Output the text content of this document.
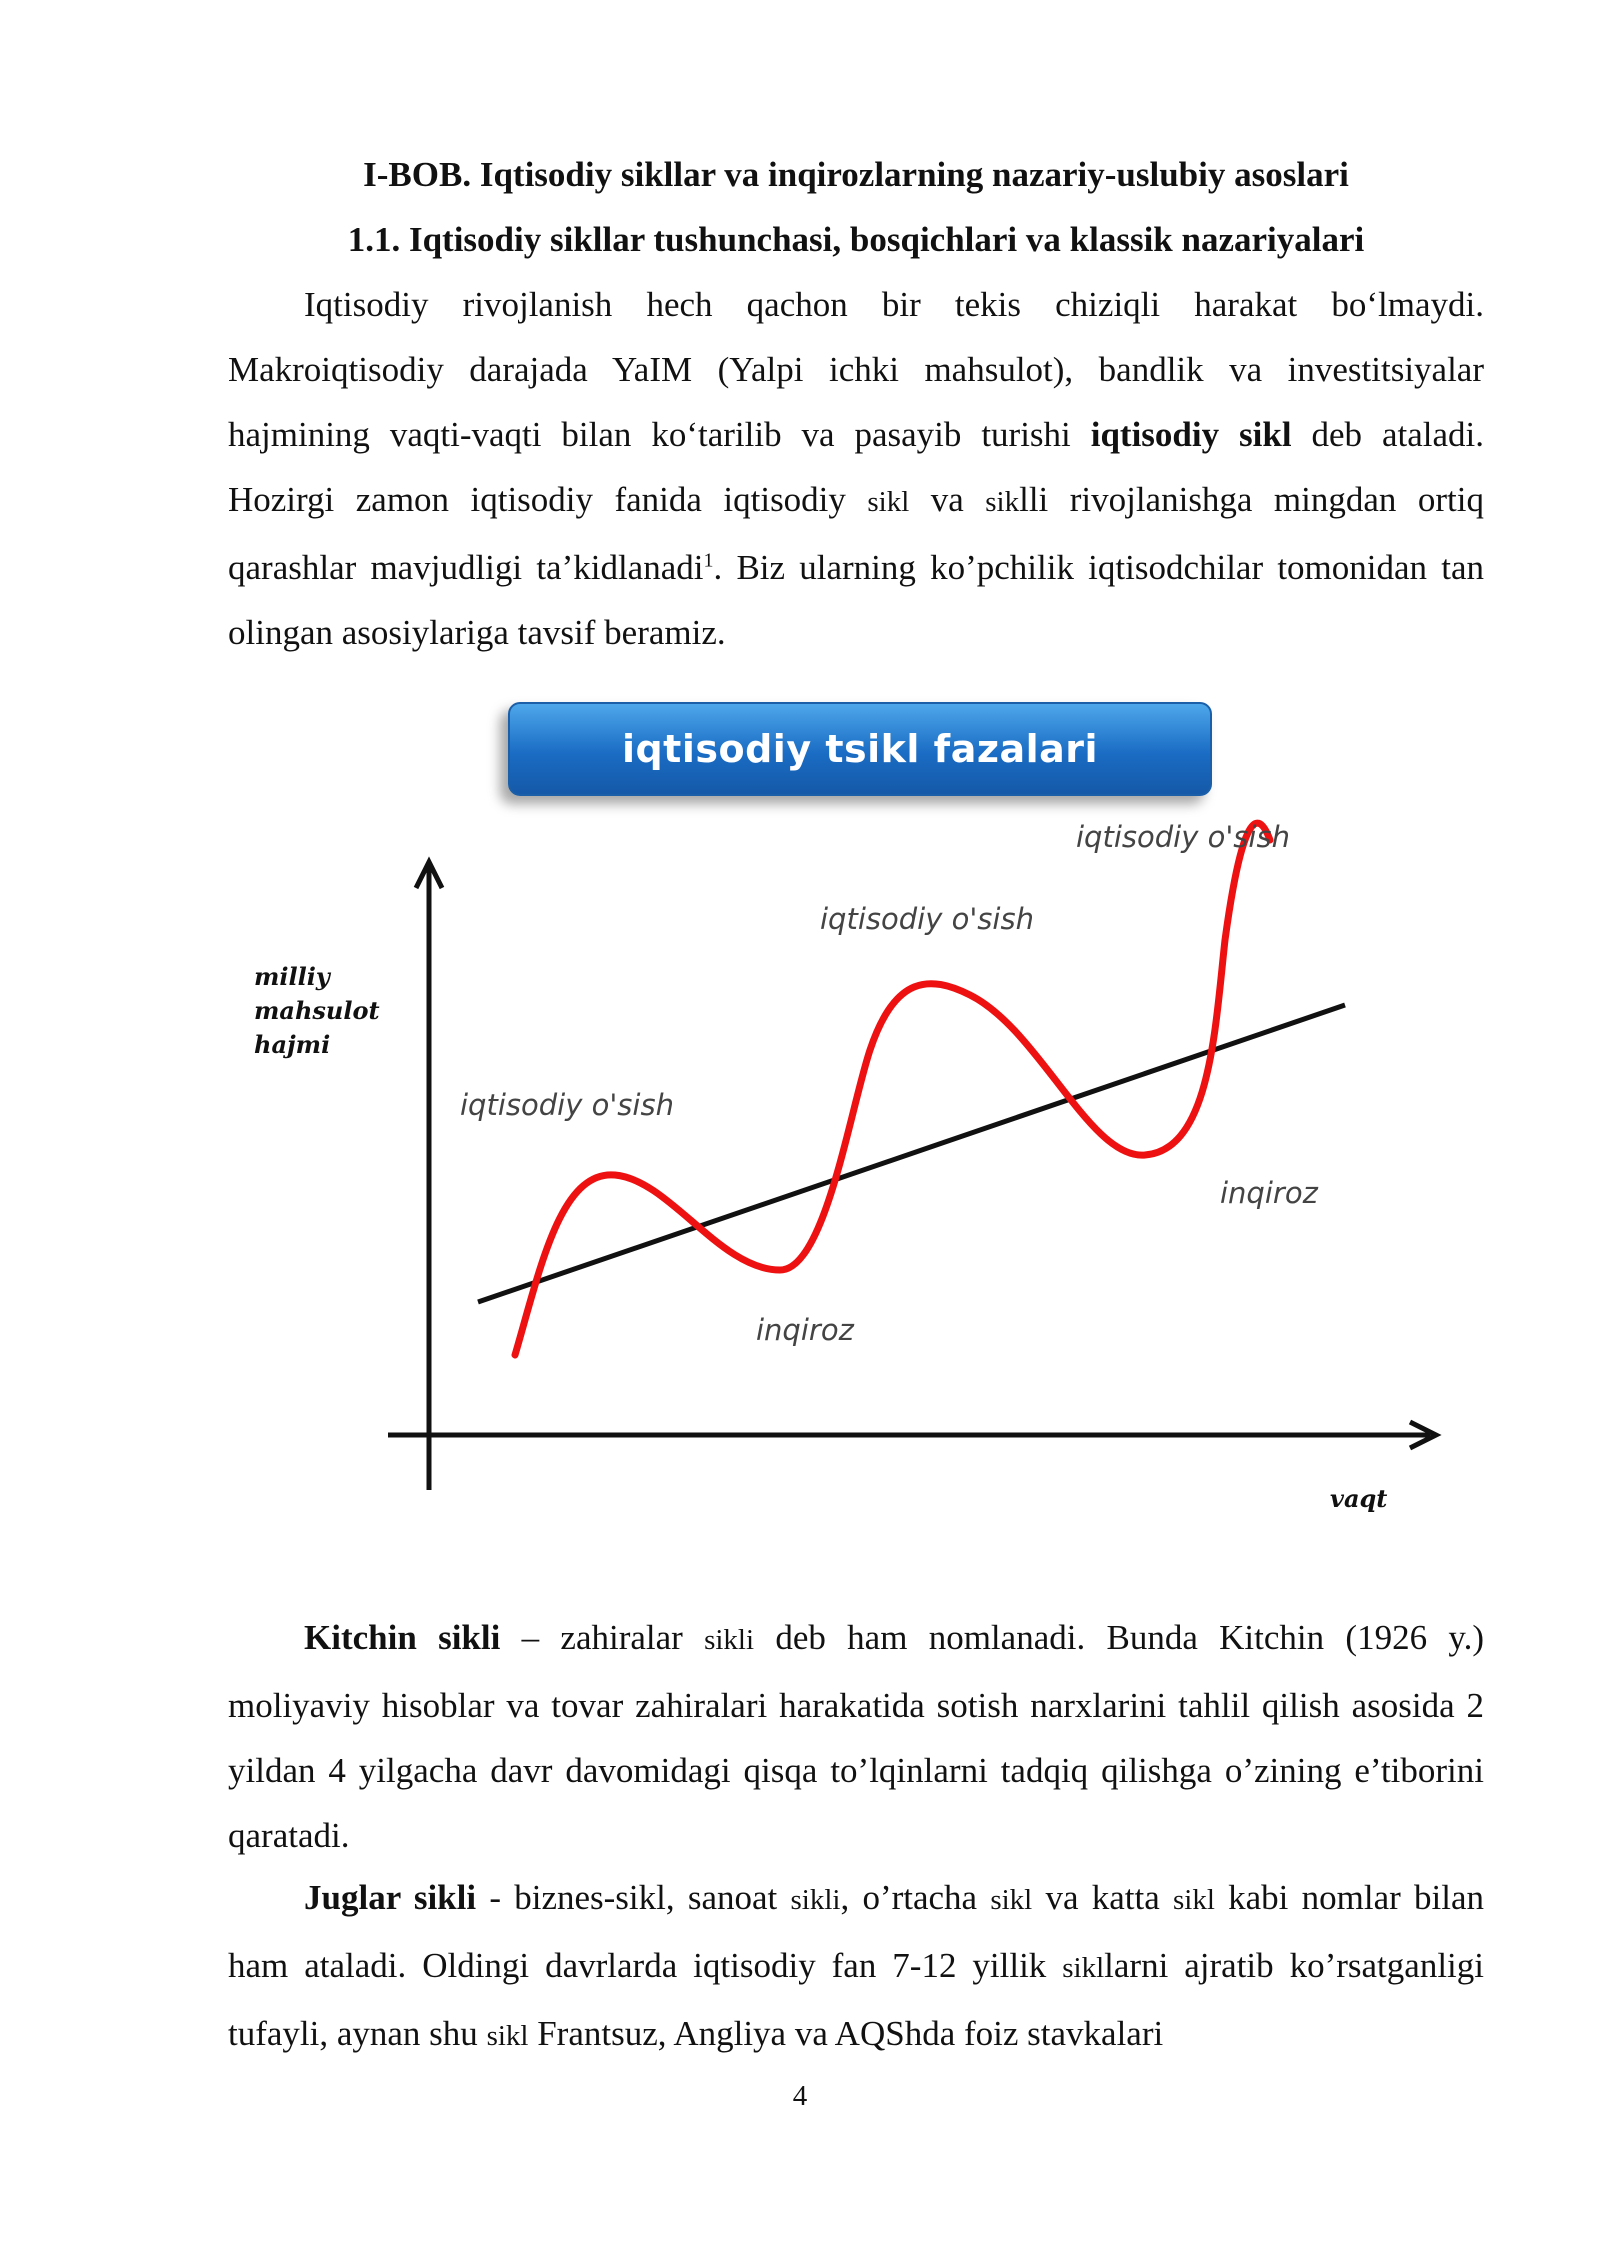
I-BOB. Iqtisodiy sikllar va inqirozlarning nazariy-uslubiy asoslari
1.1. Iqtisodiy sikllar tushunchasi, bosqichlari va klassik nazariyalari
Iqtisodiy rivojlanish hech qachon bir tekis chiziqli harakat bo‘lmaydi. Makroiqtisodiy darajada YaIM (Yalpi ichki mahsulot), bandlik va investitsiyalar hajmining vaqti-vaqti bilan ko‘tarilib va pasayib turishi iqtisodiy sikl deb ataladi. Hozirgi zamon iqtisodiy fanida iqtisodiy sikl va siklli rivojlanishga mingdan ortiq qarashlar mavjudligi ta’kidlanadi$^1$. Biz ularning ko’pchilik iqtisodchilar tomonidan tan olingan asosiylariga tavsif beramiz.
iqtisodiy tsikl fazalari
milliy
mahsulot
hajmi
vaqt
iqtisodiy o'sish
iqtisodiy o'sish
iqtisodiy o'sish
inqiroz
inqiroz
Kitchin sikli – zahiralar sikli deb ham nomlanadi. Bunda Kitchin (1926 y.) moliyaviy hisoblar va tovar zahiralari harakatida sotish narxlarini tahlil qilish asosida 2 yildan 4 yilgacha davr davomidagi qisqa to’lqinlarni tadqiq qilishga o’zining e’tiborini qaratadi.
Juglar sikli - biznes-sikl, sanoat sikli, o’rtacha sikl va katta sikl kabi nomlar bilan ham ataladi. Oldingi davrlarda iqtisodiy fan 7-12 yillik sikllarni ajratib ko’rsatganligi tufayli, aynan shu sikl Frantsuz, Angliya va AQShda foiz stavkalari
4
